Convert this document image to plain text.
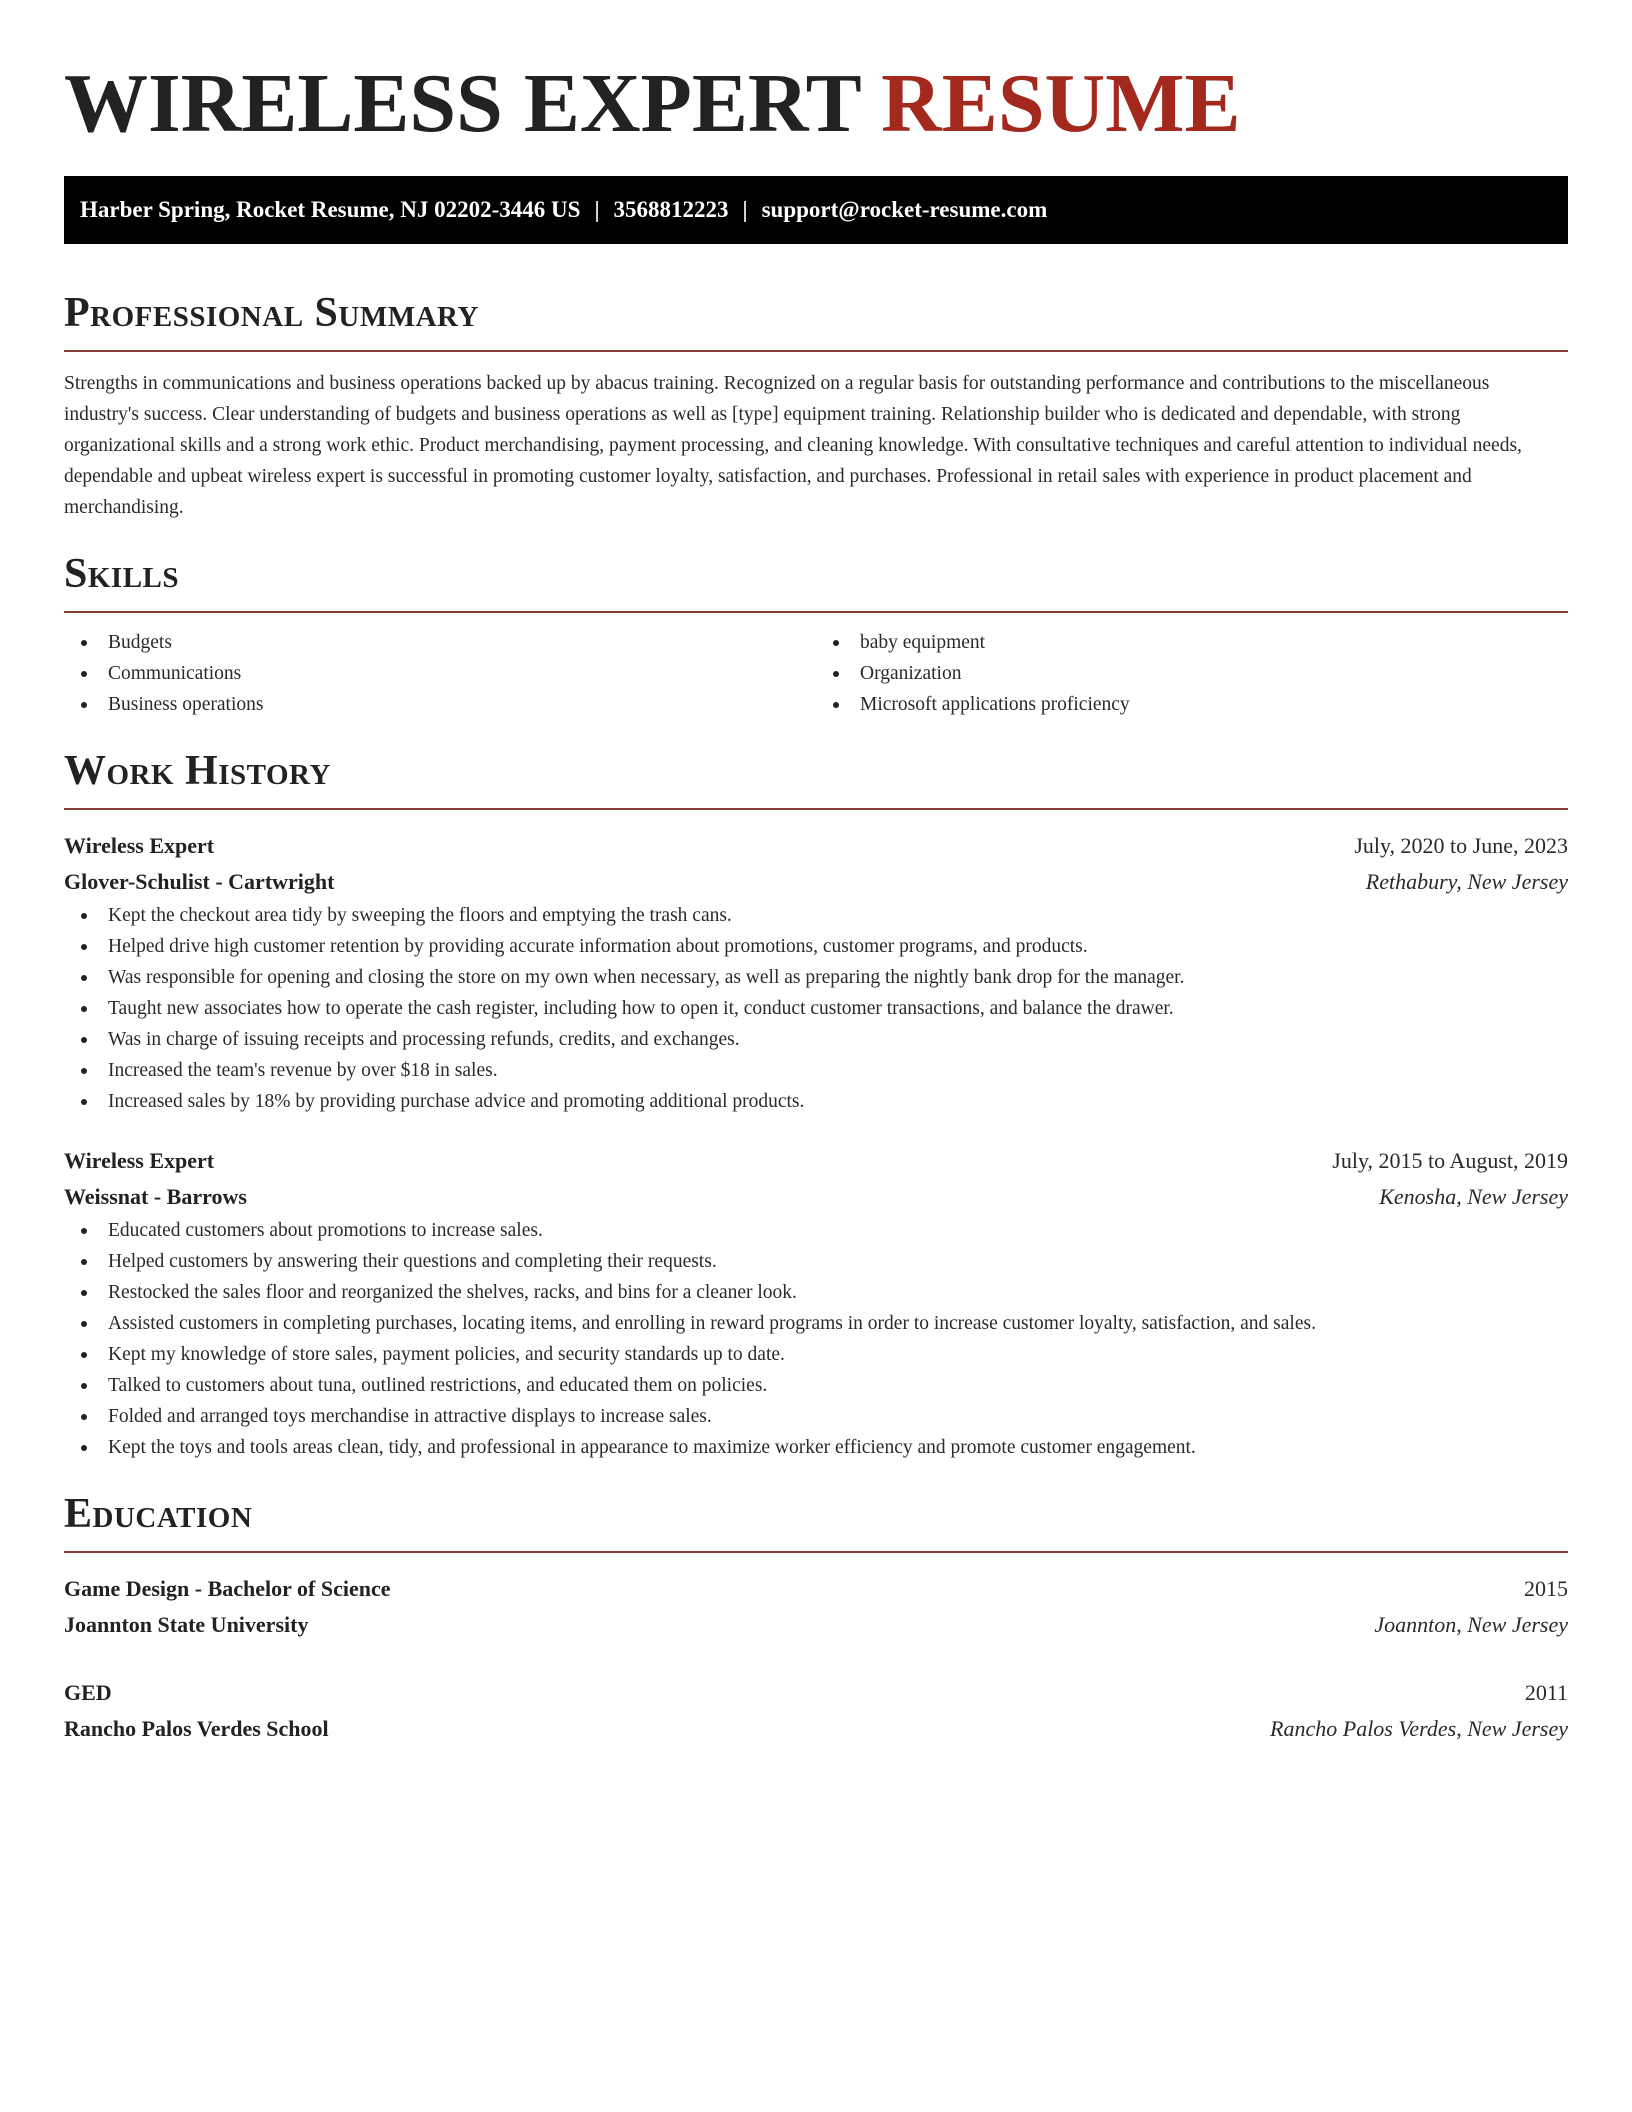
WIRELESS EXPERT RESUME
Harber Spring, Rocket Resume, NJ 02202-3446 US | 3568812223 | support@rocket-resume.com
Professional Summary

Strengths in communications and business operations backed up by abacus training. Recognized on a regular basis for outstanding performance and contributions to the miscellaneous industry's success. Clear understanding of budgets and business operations as well as [type] equipment training. Relationship builder who is dedicated and dependable, with strong organizational skills and a strong work ethic. Product merchandising, payment processing, and cleaning knowledge. With consultative techniques and careful attention to individual needs, dependable and upbeat wireless expert is successful in promoting customer loyalty, satisfaction, and purchases. Professional in retail sales with experience in product placement and merchandising.

Skills
Budgets
Communications
Business operations
baby equipment
Organization
Microsoft applications proficiency
Work History
Wireless Expert	July, 2020 to June, 2023
Glover-Schulist - Cartwright	Rethabury, New Jersey
Kept the checkout area tidy by sweeping the floors and emptying the trash cans.
Helped drive high customer retention by providing accurate information about promotions, customer programs, and products.
Was responsible for opening and closing the store on my own when necessary, as well as preparing the nightly bank drop for the manager.
Taught new associates how to operate the cash register, including how to open it, conduct customer transactions, and balance the drawer.
Was in charge of issuing receipts and processing refunds, credits, and exchanges.
Increased the team's revenue by over $18 in sales.
Increased sales by 18% by providing purchase advice and promoting additional products.
Wireless Expert	July, 2015 to August, 2019
Weissnat - Barrows	Kenosha, New Jersey
Educated customers about promotions to increase sales.
Helped customers by answering their questions and completing their requests.
Restocked the sales floor and reorganized the shelves, racks, and bins for a cleaner look.
Assisted customers in completing purchases, locating items, and enrolling in reward programs in order to increase customer loyalty, satisfaction, and sales.
Kept my knowledge of store sales, payment policies, and security standards up to date.
Talked to customers about tuna, outlined restrictions, and educated them on policies.
Folded and arranged toys merchandise in attractive displays to increase sales.
Kept the toys and tools areas clean, tidy, and professional in appearance to maximize worker efficiency and promote customer engagement.
Education
Game Design - Bachelor of Science	2015
Joannton State University	Joannton, New Jersey
GED	2011
Rancho Palos Verdes School	Rancho Palos Verdes, New Jersey
